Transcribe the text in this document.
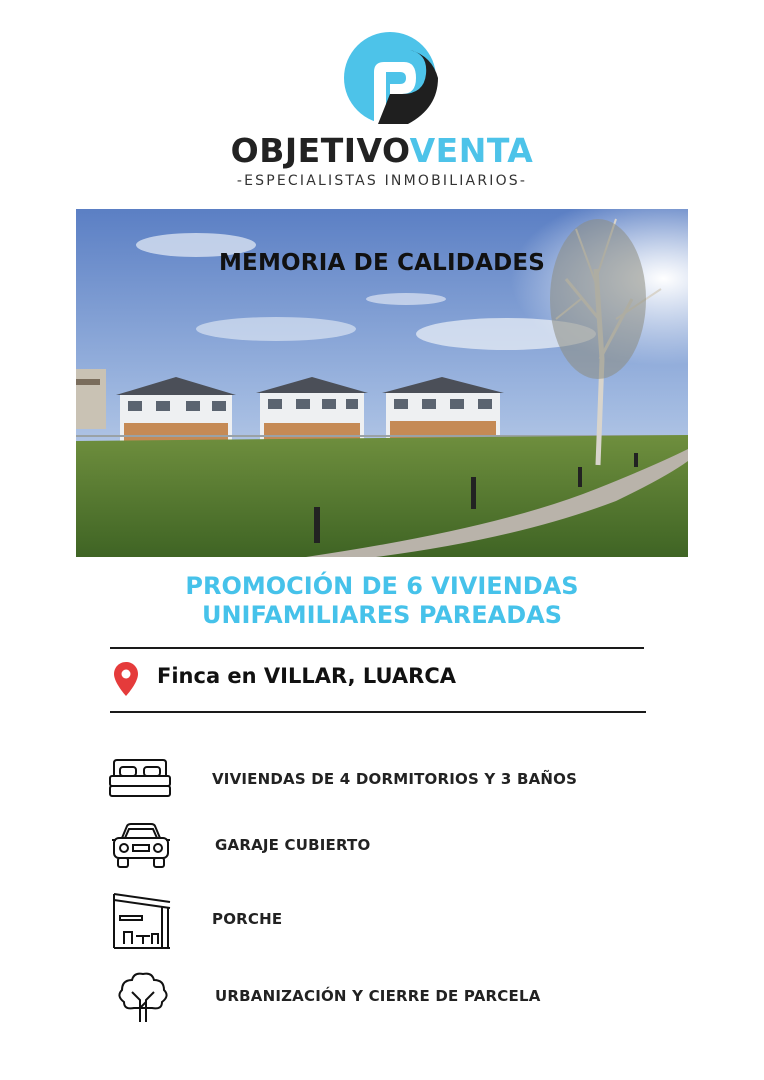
OBJETIVOVENTA
-ESPECIALISTAS INMOBILIARIOS-
MEMORIA DE CALIDADES
PROMOCIÓN DE 6 VIVIENDAS
UNIFAMILIARES PAREADAS
Finca en VILLAR, LUARCA
VIVIENDAS DE 4 DORMITORIOS Y 3 BAÑOS
GARAJE CUBIERTO
PORCHE
URBANIZACIÓN Y CIERRE DE PARCELA
